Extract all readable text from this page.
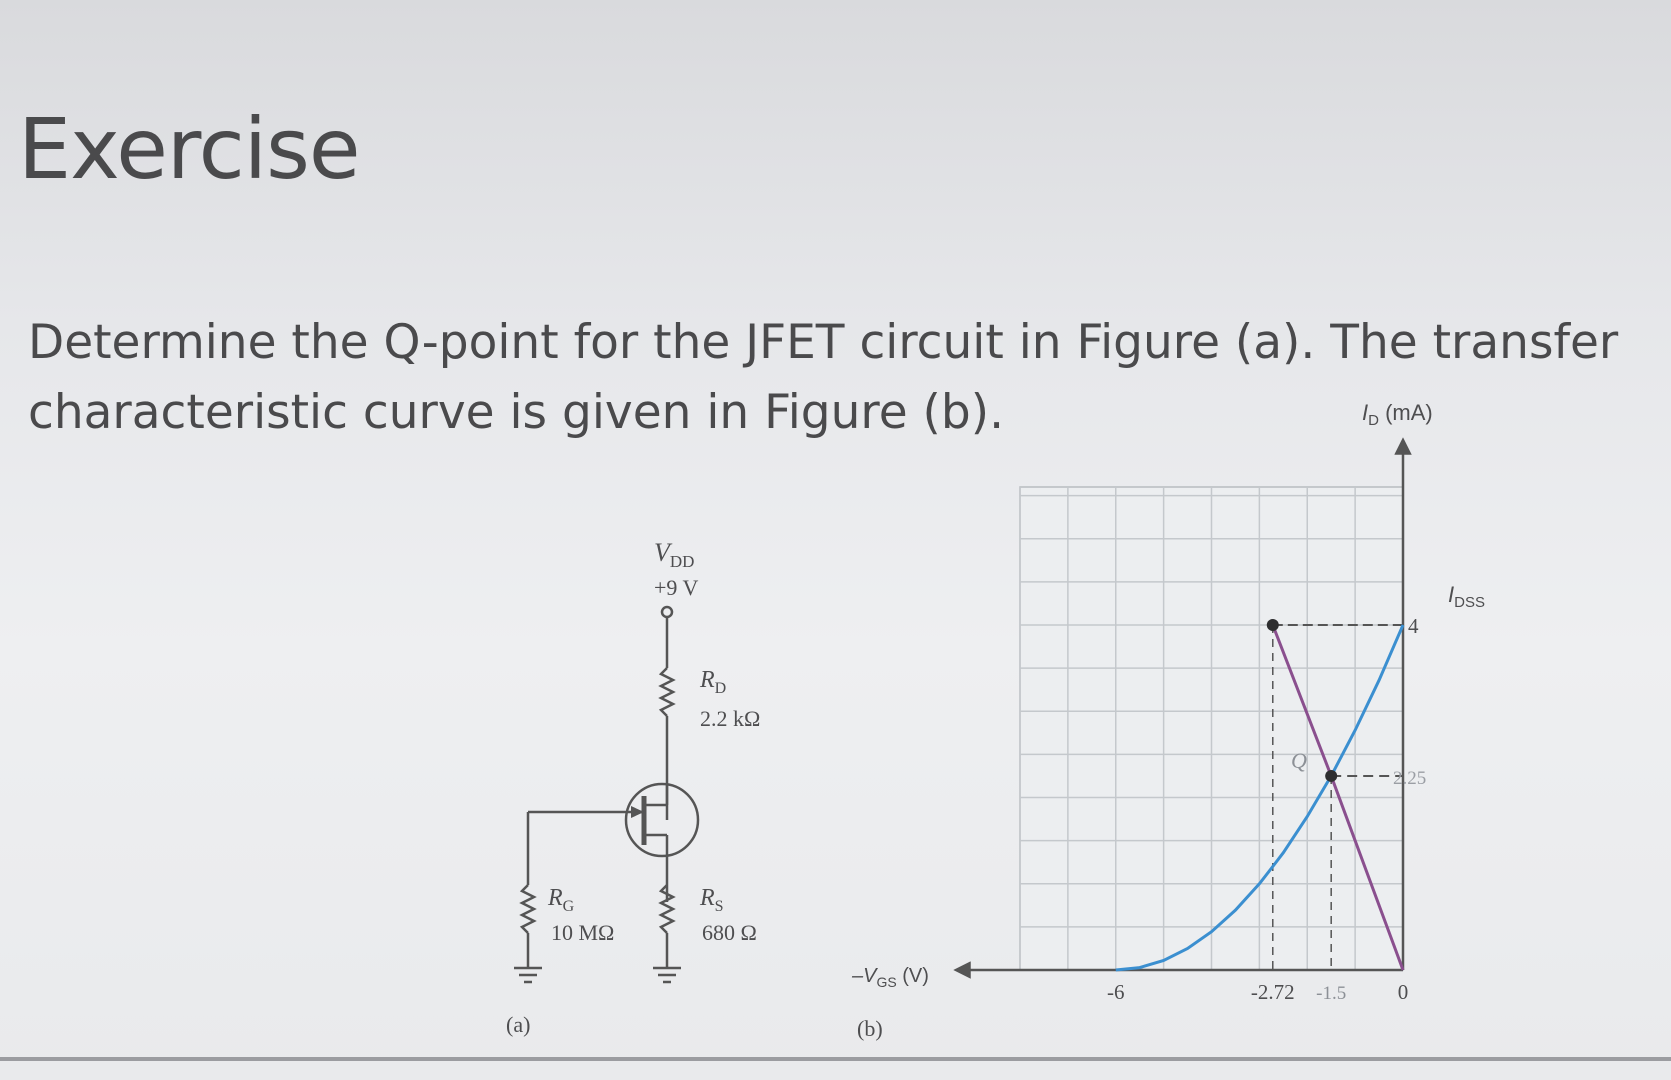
Exercise
Determine the Q-point for the JFET circuit in Figure (a). The transfer
characteristic curve is given in Figure (b).
$V_{DD}$
+9 V
$R_D$
2.2 kΩ
$R_G$
10 MΩ
$R_S$
680 Ω
(a)
-6	-2.72 -1.5 0
4
2.25
$I_D$ (mA)
$-V_{GS}$ (V)
$I_{DSS}$
Q
(b)
